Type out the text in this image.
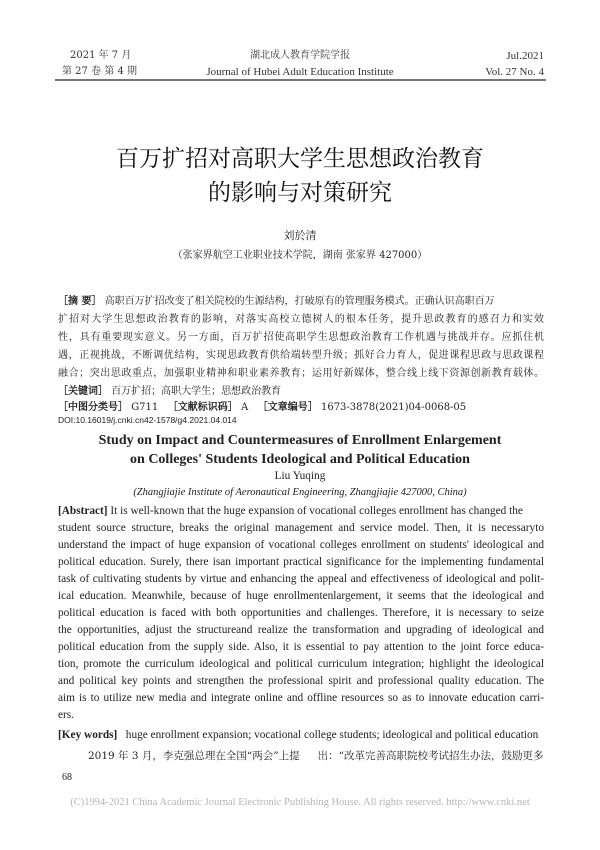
2021 年 7 月
第 27 卷 第 4 期
湖北成人教育学院学报
Journal of Hubei Adult Education Institute
Jul.2021
Vol. 27 No. 4
百万扩招对高职大学生思想政治教育
的影响与对策研究
刘於清
（张家界航空工业职业技术学院，湖南 张家界 427000）
［摘 要］ 高职百万扩招改变了相关院校的生源结构，打破原有的管理服务模式。正确认识高职百万
扩招对大学生思想政治教育的影响，对落实高校立德树人的根本任务，提升思政教育的感召力和实效
性，具有重要现实意义。另一方面，百万扩招使高职学生思想政治教育工作机遇与挑战并存。应抓住机
遇，正视挑战，不断调优结构，实现思政教育供给端转型升级；抓好合力育人，促进课程思政与思政课程
融合；突出思政重点，加强职业精神和职业素养教育；运用好新媒体，整合线上线下资源创新教育载体。
［关键词］ 百万扩招；高职大学生；思想政治教育
［中图分类号］ G711 ［文献标识码］ A ［文章编号］ 1673-3878(2021)04-0068-05
DOI:10.16019/j.cnki.cn42-1578/g4.2021.04.014
Study on Impact and Countermeasures of Enrollment Enlargement
on Colleges' Students Ideological and Political Education
Liu Yuqing
(Zhangjiajie Institute of Aeronautical Engineering, Zhangjiajie 427000, China)
[Abstract] It is well-known that the huge expansion of vocational colleges enrollment has changed the
student source structure, breaks the original management and service model. Then, it is necessaryto
understand the impact of huge expansion of vocational colleges enrollment on students' ideological and
political education. Surely, there isan important practical significance for the implementing fundamental
task of cultivating students by virtue and enhancing the appeal and effectiveness of ideological and polit-
ical education. Meanwhile, because of huge enrollmentenlargement, it seems that the ideological and
political education is faced with both opportunities and challenges. Therefore, it is necessary to seize
the opportunities, adjust the structureand realize the transformation and upgrading of ideological and
political education from the supply side. Also, it is essential to pay attention to the joint force educa-
tion, promote the curriculum ideological and political curriculum integration; highlight the ideological
and political key points and strengthen the professional spirit and professional quality education. The
aim is to utilize new media and integrate online and offline resources so as to innovate education carri-
ers.
[Key words] huge enrollment expansion; vocational college students; ideological and political education
2019 年 3 月，李克强总理在全国“两会”上提 出：“改革完善高职院校考试招生办法，鼓励更多
68
(C)1994-2021 China Academic Journal Electronic Publishing House. All rights reserved. http://www.cnki.net
